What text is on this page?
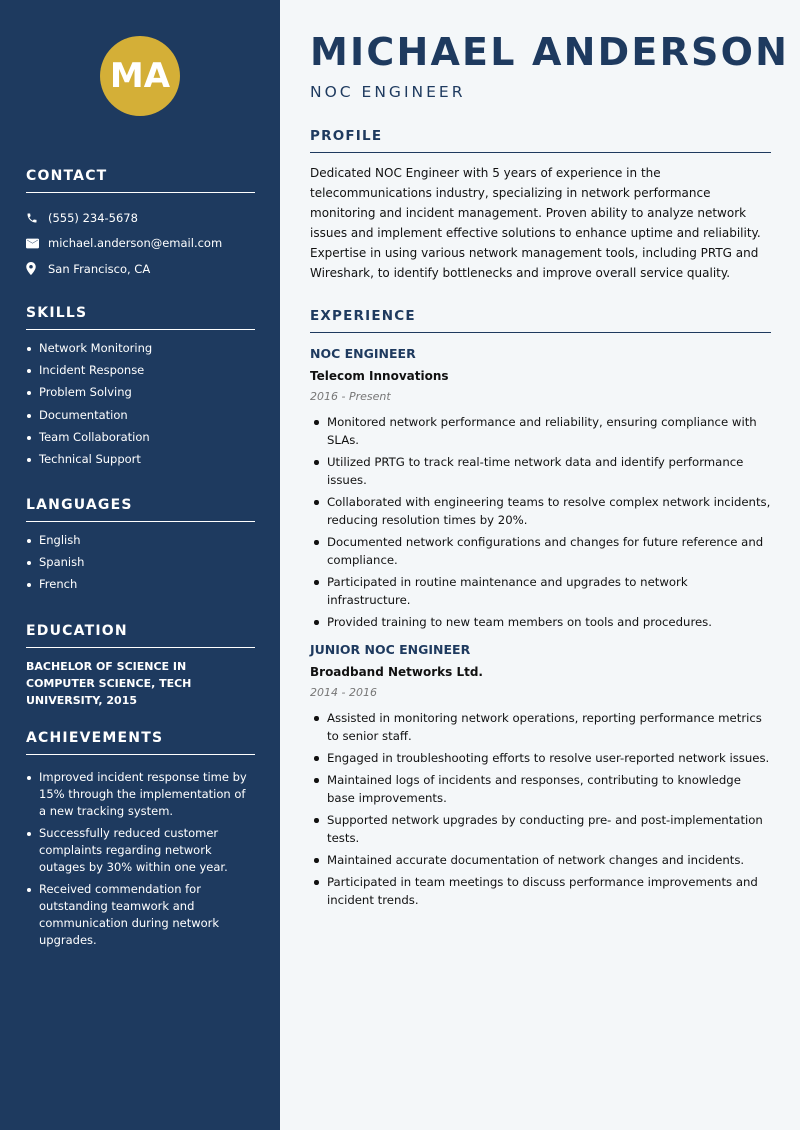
MA
CONTACT
(555) 234-5678
michael.anderson@email.com
San Francisco, CA
SKILLS
Network Monitoring
Incident Response
Problem Solving
Documentation
Team Collaboration
Technical Support
LANGUAGES
English
Spanish
French
EDUCATION

BACHELOR OF SCIENCE IN COMPUTER SCIENCE, TECH UNIVERSITY, 2015

ACHIEVEMENTS
Improved incident response time by 15% through the implementation of a new tracking system.
Successfully reduced customer complaints regarding network outages by 30% within one year.
Received commendation for outstanding teamwork and communication during network upgrades.
MICHAEL ANDERSON
NOC ENGINEER
PROFILE

Dedicated NOC Engineer with 5 years of experience in the telecommunications industry, specializing in network performance monitoring and incident management. Proven ability to analyze network issues and implement effective solutions to enhance uptime and reliability. Expertise in using various network management tools, including PRTG and Wireshark, to identify bottlenecks and improve overall service quality.

EXPERIENCE
NOC ENGINEER
Telecom Innovations
2016 - Present
Monitored network performance and reliability, ensuring compliance with SLAs.
Utilized PRTG to track real-time network data and identify performance issues.
Collaborated with engineering teams to resolve complex network incidents, reducing resolution times by 20%.
Documented network configurations and changes for future reference and compliance.
Participated in routine maintenance and upgrades to network infrastructure.
Provided training to new team members on tools and procedures.
JUNIOR NOC ENGINEER
Broadband Networks Ltd.
2014 - 2016
Assisted in monitoring network operations, reporting performance metrics to senior staff.
Engaged in troubleshooting efforts to resolve user-reported network issues.
Maintained logs of incidents and responses, contributing to knowledge base improvements.
Supported network upgrades by conducting pre- and post-implementation tests.
Maintained accurate documentation of network changes and incidents.
Participated in team meetings to discuss performance improvements and incident trends.
